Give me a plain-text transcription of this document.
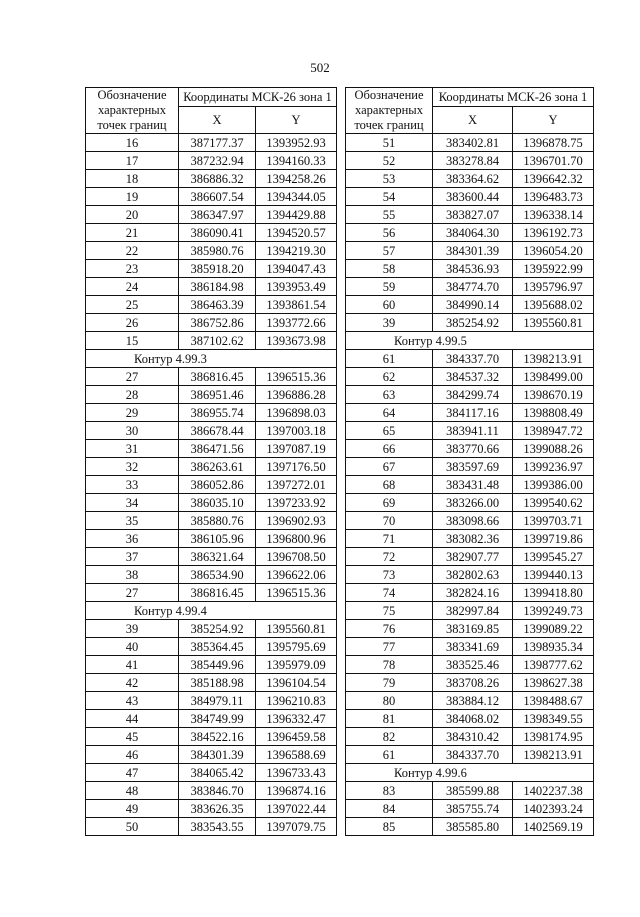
502
Обозначение характерных точек границ	Координаты МСК-26 зона 1	
	X	Y
16	387177.37	1393952.93
17	387232.94	1394160.33
18	386886.32	1394258.26
19	386607.54	1394344.05
20	386347.97	1394429.88
21	386090.41	1394520.57
22	385980.76	1394219.30
23	385918.20	1394047.43
24	386184.98	1393953.49
25	386463.39	1393861.54
26	386752.86	1393772.66
15	387102.62	1393673.98
Контур 4.99.3		
27	386816.45	1396515.36
28	386951.46	1396886.28
29	386955.74	1396898.03
30	386678.44	1397003.18
31	386471.56	1397087.19
32	386263.61	1397176.50
33	386052.86	1397272.01
34	386035.10	1397233.92
35	385880.76	1396902.93
36	386105.96	1396800.96
37	386321.64	1396708.50
38	386534.90	1396622.06
27	386816.45	1396515.36
Контур 4.99.4		
39	385254.92	1395560.81
40	385364.45	1395795.69
41	385449.96	1395979.09
42	385188.98	1396104.54
43	384979.11	1396210.83
44	384749.99	1396332.47
45	384522.16	1396459.58
46	384301.39	1396588.69
47	384065.42	1396733.43
48	383846.70	1396874.16
49	383626.35	1397022.44
50	383543.55	1397079.75
Обозначение характерных точек границ	Координаты МСК-26 зона 1	
	X	Y
51	383402.81	1396878.75
52	383278.84	1396701.70
53	383364.62	1396642.32
54	383600.44	1396483.73
55	383827.07	1396338.14
56	384064.30	1396192.73
57	384301.39	1396054.20
58	384536.93	1395922.99
59	384774.70	1395796.97
60	384990.14	1395688.02
39	385254.92	1395560.81
Контур 4.99.5		
61	384337.70	1398213.91
62	384537.32	1398499.00
63	384299.74	1398670.19
64	384117.16	1398808.49
65	383941.11	1398947.72
66	383770.66	1399088.26
67	383597.69	1399236.97
68	383431.48	1399386.00
69	383266.00	1399540.62
70	383098.66	1399703.71
71	383082.36	1399719.86
72	382907.77	1399545.27
73	382802.63	1399440.13
74	382824.16	1399418.80
75	382997.84	1399249.73
76	383169.85	1399089.22
77	383341.69	1398935.34
78	383525.46	1398777.62
79	383708.26	1398627.38
80	383884.12	1398488.67
81	384068.02	1398349.55
82	384310.42	1398174.95
61	384337.70	1398213.91
Контур 4.99.6		
83	385599.88	1402237.38
84	385755.74	1402393.24
85	385585.80	1402569.19
